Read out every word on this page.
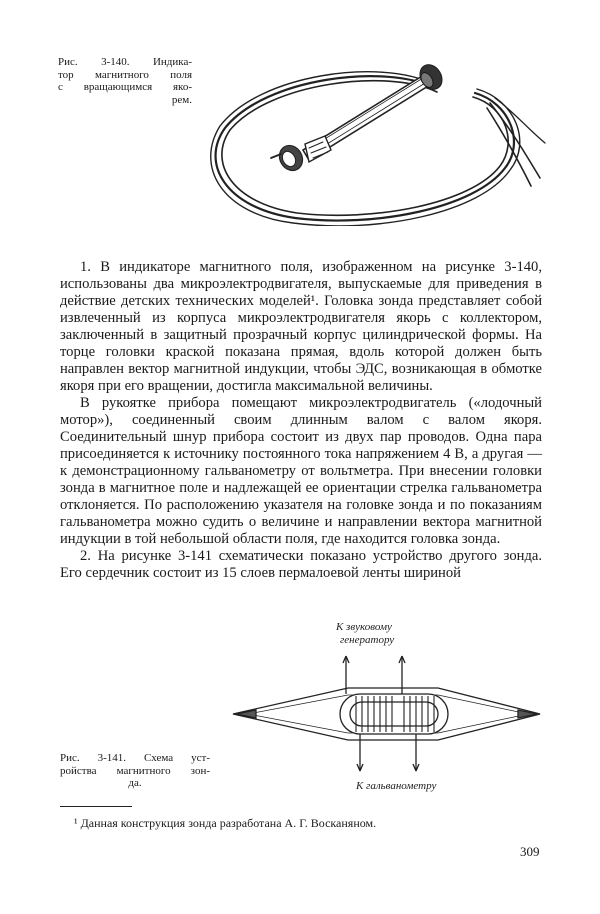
Рис. 3-140. Индика-
тор магнитного поля
с вращающимся яко-
рем.

1. В индикаторе магнитного поля, изображенном на рисунке 3-140, использованы два микроэлектродвигателя, выпускаемые для приведения в действие детских технических моделей¹. Головка зонда представляет собой извлеченный из корпуса микроэлектродвигателя якорь с коллектором, заключенный в защитный прозрачный корпус цилиндрической формы. На торце головки краской показана прямая, вдоль которой должен быть направлен вектор магнитной индукции, чтобы ЭДС, возникающая в обмотке якоря при его вращении, достигла максимальной величины.

В рукоятке прибора помещают микроэлектродвигатель («лодочный мотор»), соединенный своим длинным валом с валом якоря. Соединительный шнур прибора состоит из двух пар проводов. Одна пара присоединяется к источнику постоянного тока напряжением 4 В, а другая — к демонстрационному гальванометру от вольтметра. При внесении головки зонда в магнитное поле и надлежащей ее ориентации стрелка гальванометра отклоняется. По расположению указателя на головке зонда и по показаниям гальванометра можно судить о величине и направлении вектора магнитной индукции в той небольшой области поля, где находится головка зонда.

2. На рисунке 3-141 схематически показано устройство другого зонда. Его сердечник состоит из 15 слоев пермалоевой ленты шириной

К звуковому
генератору
К гальванометру
Рис. 3-141. Схема уст-
ройства магнитного зон-
да.
¹ Данная конструкция зонда разработана А. Г. Восканяном.
309
